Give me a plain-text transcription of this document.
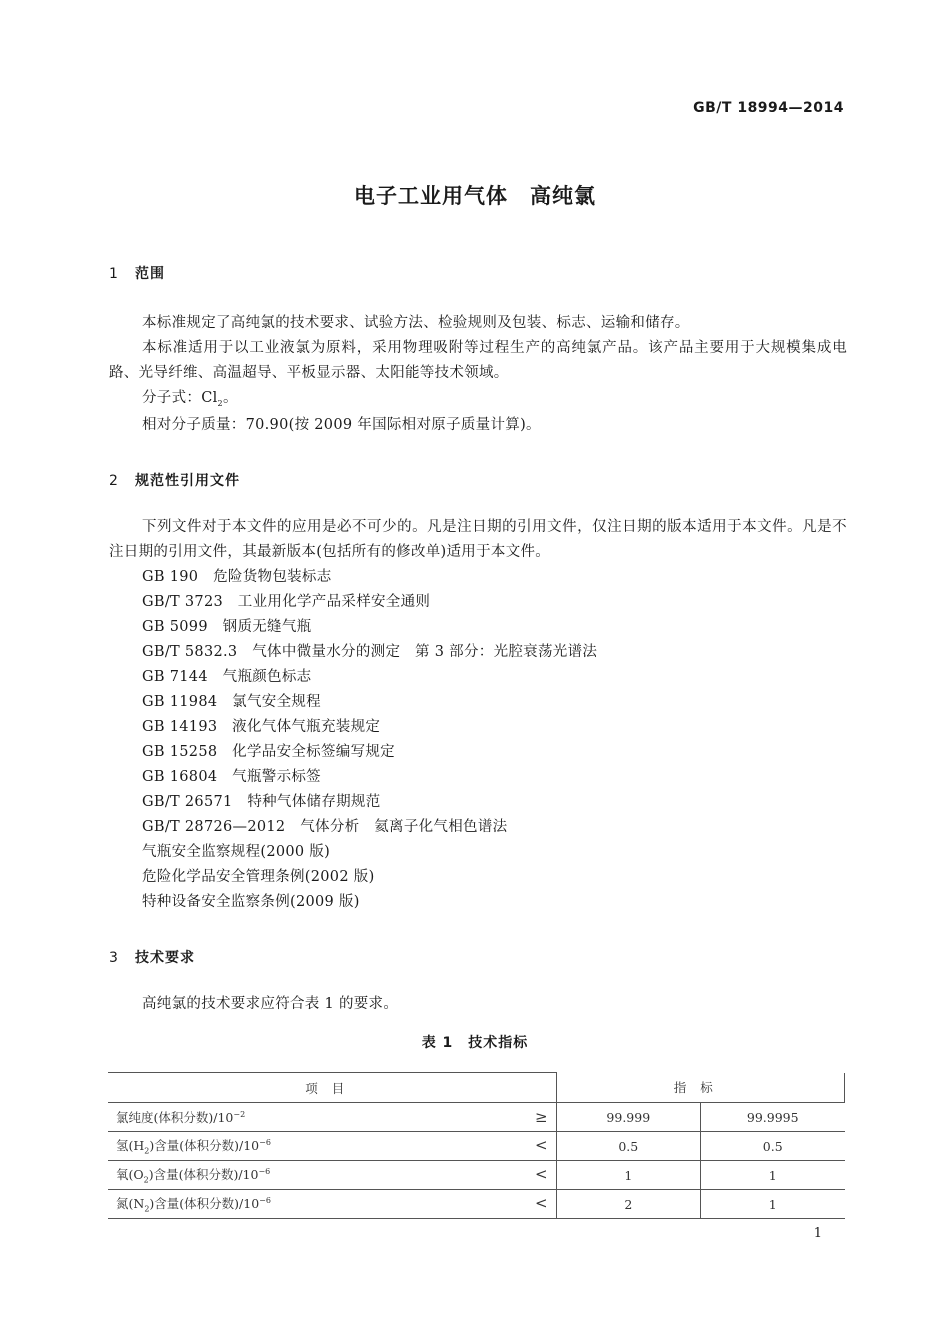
GB/T 18994—2014
电子工业用气体　高纯氯
1 范围
本标准规定了高纯氯的技术要求、试验方法、检验规则及包装、标志、运输和储存。
本标准适用于以工业液氯为原料，采用物理吸附等过程生产的高纯氯产品。该产品主要用于大规模集成电路、光导纤维、高温超导、平板显示器、太阳能等技术领域。
分子式：$Cl_2$。
相对分子质量：70.90(按 2009 年国际相对原子质量计算)。
2 规范性引用文件
下列文件对于本文件的应用是必不可少的。凡是注日期的引用文件，仅注日期的版本适用于本文件。凡是不注日期的引用文件，其最新版本(包括所有的修改单)适用于本文件。
GB 190　危险货物包装标志
GB/T 3723　工业用化学产品采样安全通则
GB 5099　钢质无缝气瓶
GB/T 5832.3　气体中微量水分的测定　第 3 部分：光腔衰荡光谱法
GB 7144　气瓶颜色标志
GB 11984　氯气安全规程
GB 14193　液化气体气瓶充装规定
GB 15258　化学品安全标签编写规定
GB 16804　气瓶警示标签
GB/T 26571　特种气体储存期规范
GB/T 28726—2012　气体分析　氦离子化气相色谱法
气瓶安全监察规程(2000 版)
危险化学品安全管理条例(2002 版)
特种设备安全监察条例(2009 版)
3 技术要求
高纯氯的技术要求应符合表 1 的要求。
表 1　技术指标
项目	指标	
氯纯度(体积分数)$/10^{-2}$ ≥	99.999	99.9995
氢$(H_2)$含量(体积分数)$/10^{-6}$ <	0.5	0.5
氧$(O_2)$含量(体积分数)$/10^{-6}$ <	1	1
氮$(N_2)$含量(体积分数)$/10^{-6}$ <	2	1
1
